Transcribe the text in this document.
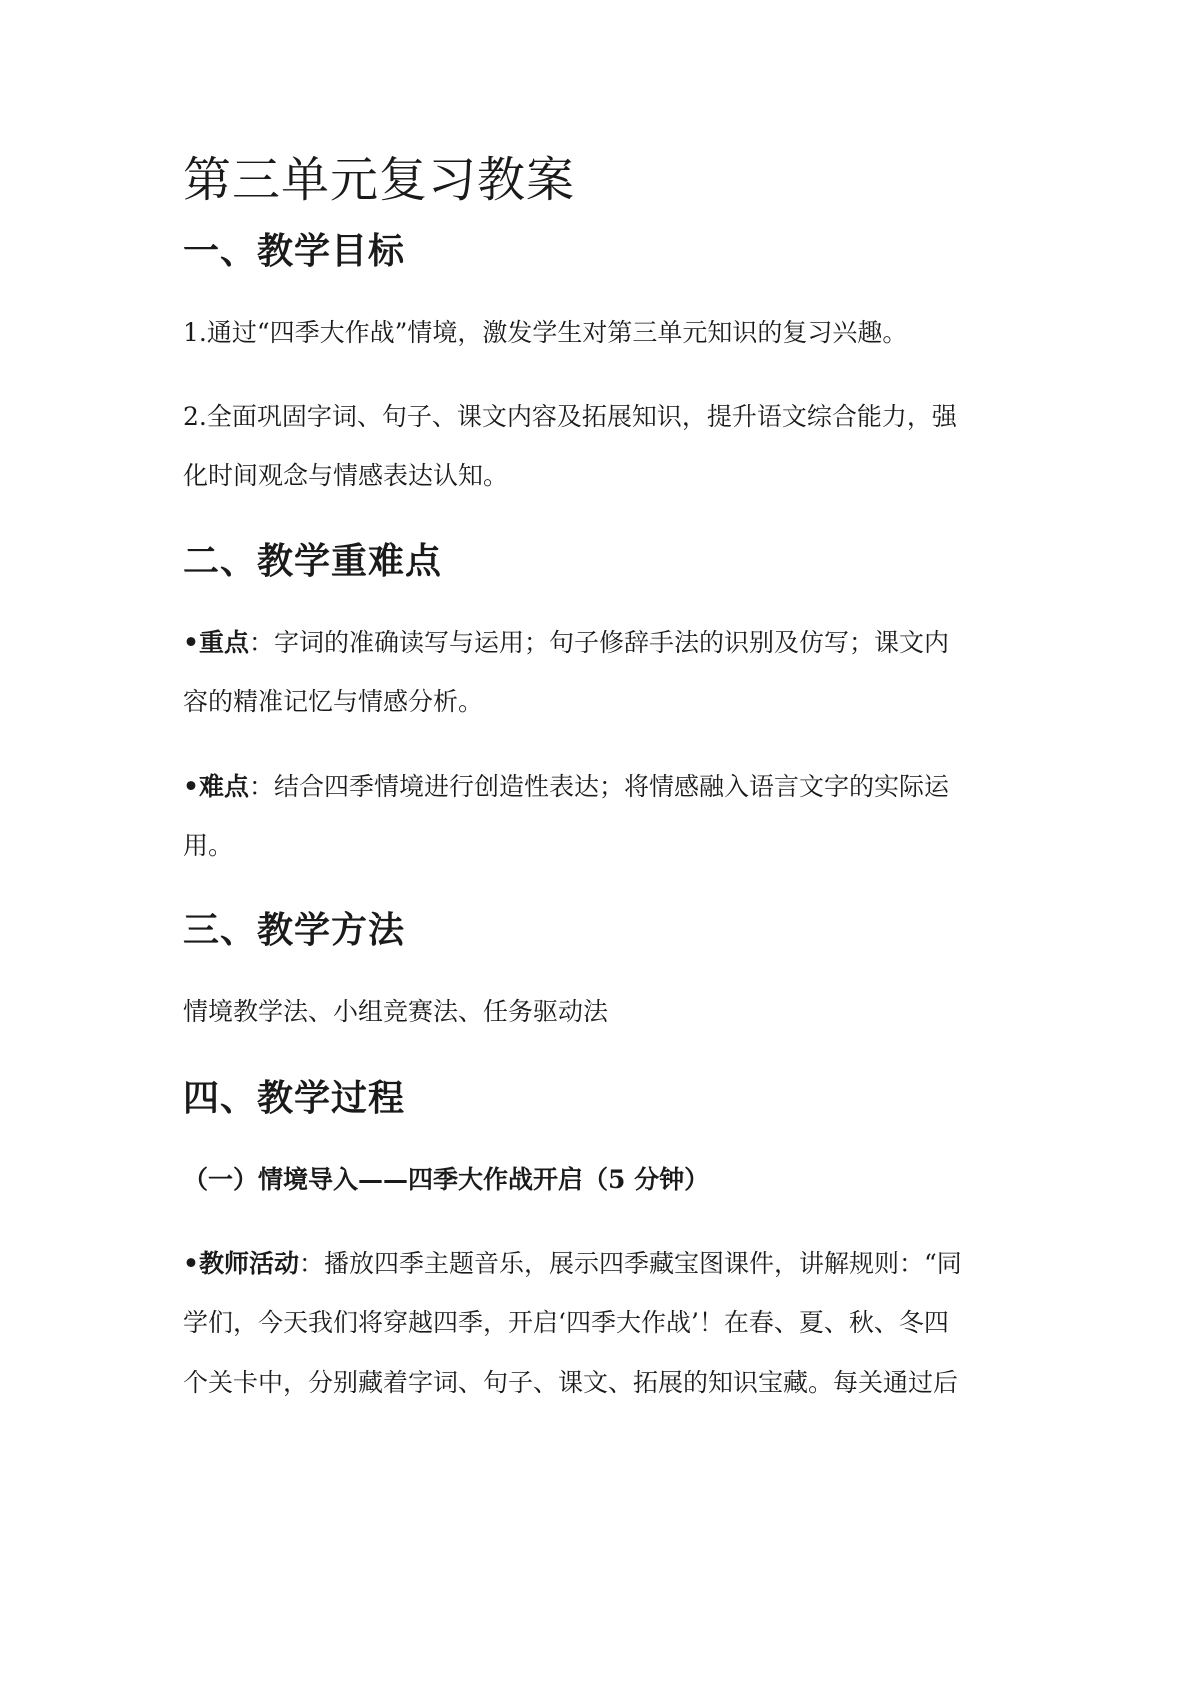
第三单元复习教案
一、教学目标
1.通过“四季大作战”情境，激发学生对第三单元知识的复习兴趣。
2.全面巩固字词、句子、课文内容及拓展知识，提升语文综合能力，强
化时间观念与情感表达认知。
二、教学重难点
•重点：字词的准确读写与运用；句子修辞手法的识别及仿写；课文内
容的精准记忆与情感分析。
•难点：结合四季情境进行创造性表达；将情感融入语言文字的实际运
用。
三、教学方法
情境教学法、小组竞赛法、任务驱动法
四、教学过程
（一）情境导入——四季大作战开启（5 分钟）
•教师活动：播放四季主题音乐，展示四季藏宝图课件，讲解规则：“同
学们，今天我们将穿越四季，开启‘四季大作战’！在春、夏、秋、冬四
个关卡中，分别藏着字词、句子、课文、拓展的知识宝藏。每关通过后
